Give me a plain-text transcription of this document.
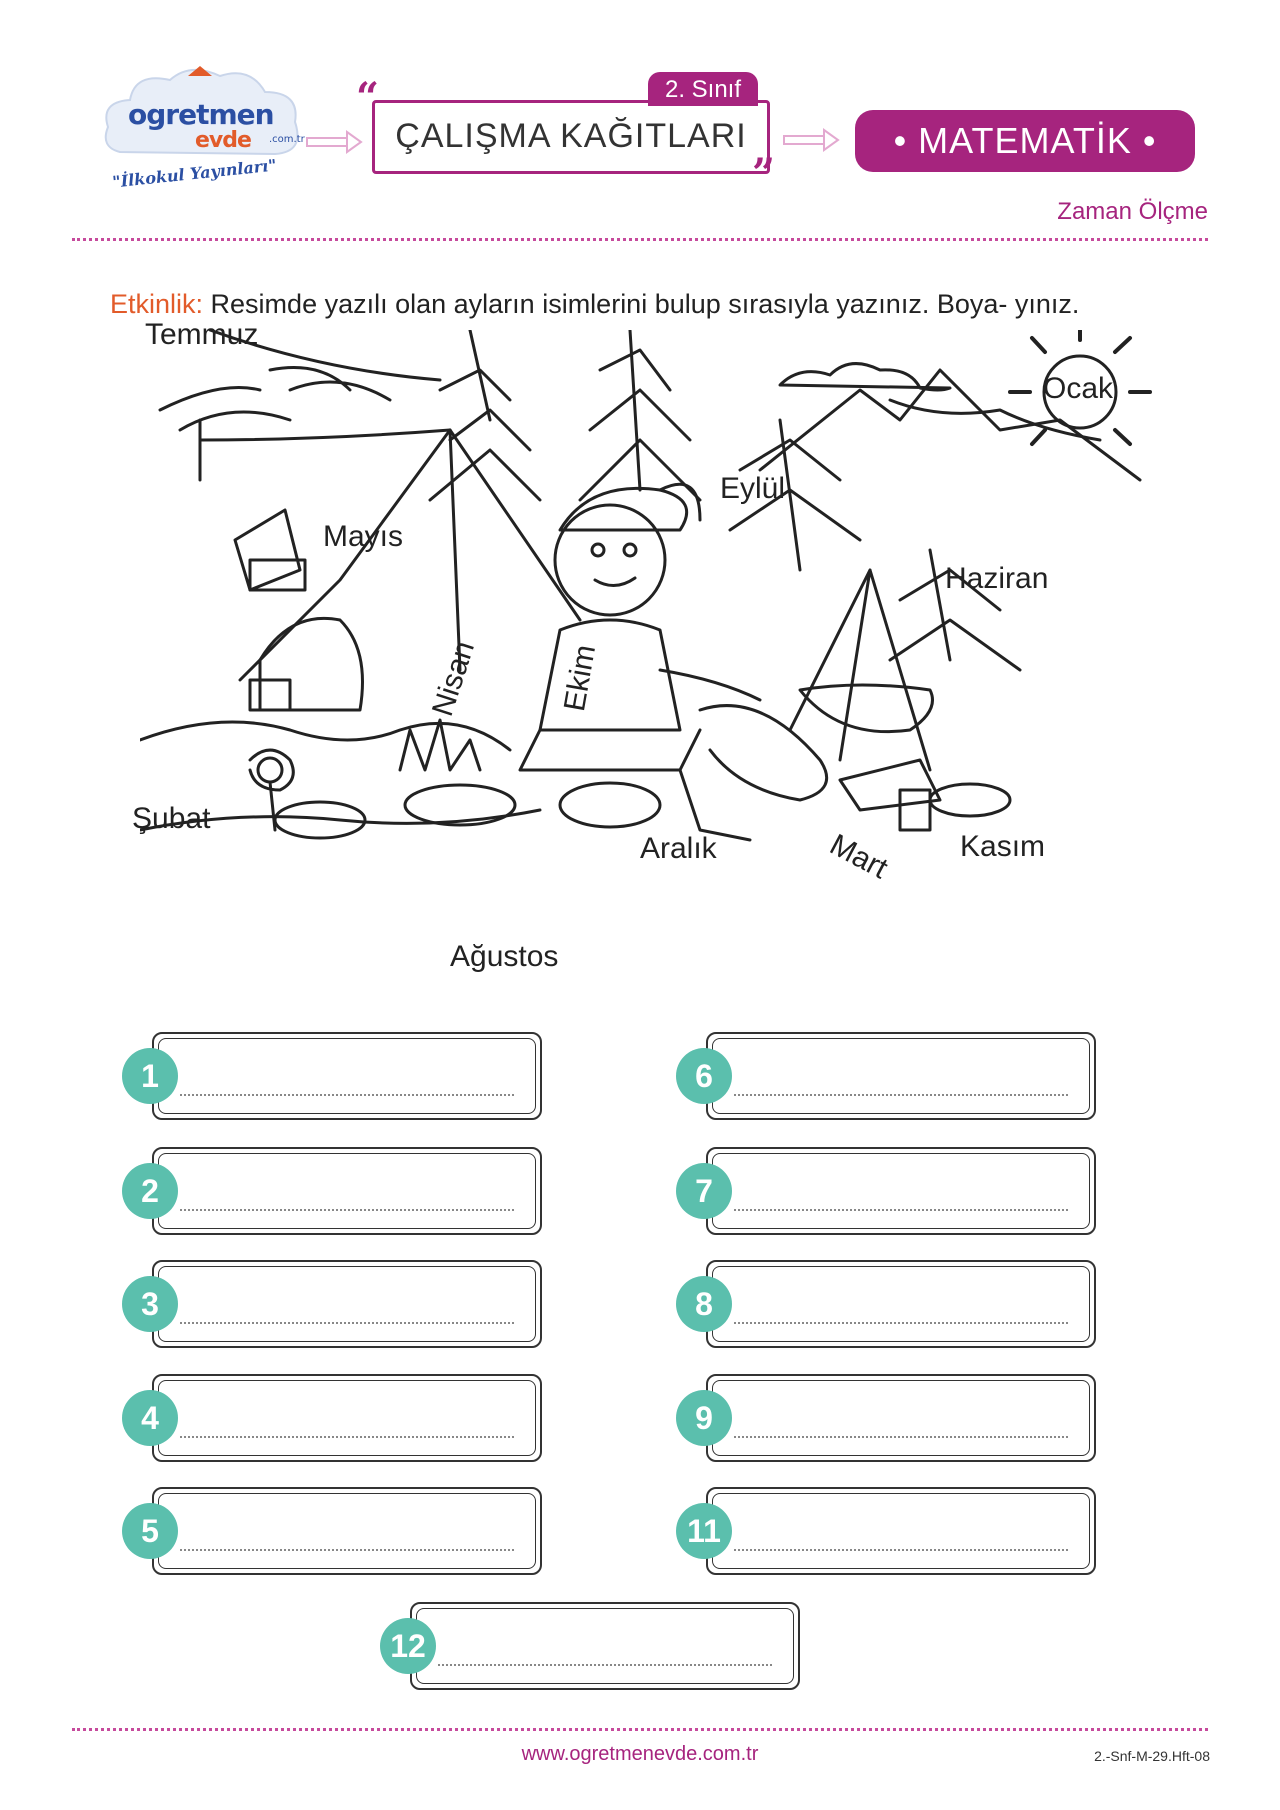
ogretmen
evde .com.tr
"İlkokul Yayınları"
2. Sınıf
ÇALIŞMA KAĞITLARI
“
”
• MATEMATİK •
Zaman Ölçme
Etkinlik: Resimde yazılı olan ayların isimlerini bulup sırasıyla yazınız. Boya- yınız.
Temmuz
Ocak
Eylül
Mayıs
Haziran
Nisan	Ekim
Şubat
Aralık	Mart Kasım
Ağustos
1
2
3
4
5
6
7
8
9
11
12
www.ogretmenevde.com.tr	2.-Snf-M-29.Hft-08
